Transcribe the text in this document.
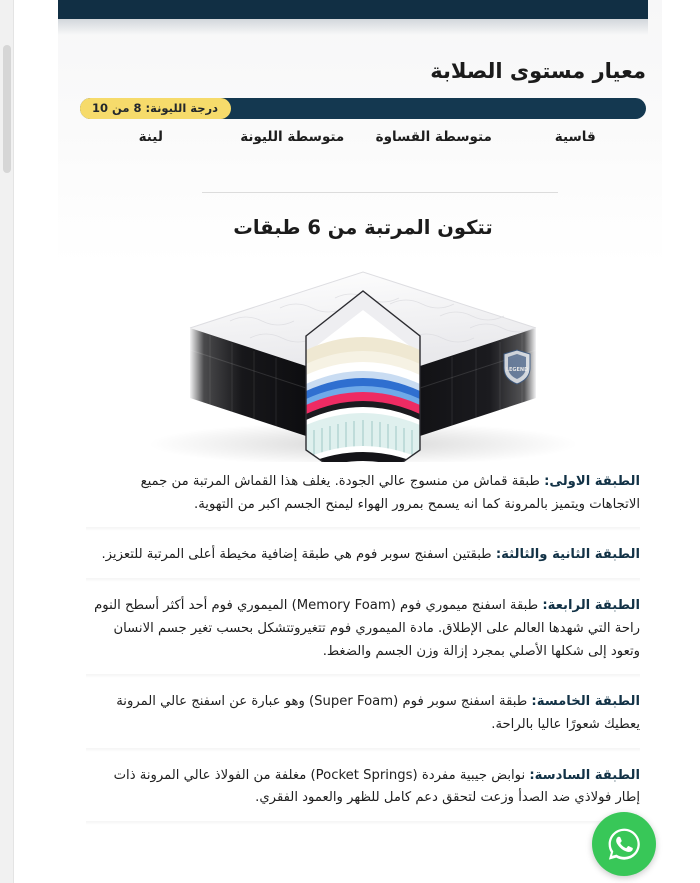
معيار مستوى الصلابة
درجة الليونة: 8 من 10
قاسية
متوسطة القساوة
متوسطة الليونة
لينة
تتكون المرتبة من 6 طبقات
LEGEND
الطبقة الاولى: طبقة قماش من منسوج عالي الجودة. يغلف هذا القماش المرتبة من جميع الاتجاهات ويتميز بالمرونة كما انه يسمح بمرور الهواء ليمنح الجسم اكبر من التهوية.
الطبقة الثانية والثالثة: طبقتين اسفنج سوبر فوم هي طبقة إضافية مخيطة أعلى المرتبة للتعزيز.
الطبقة الرابعة: طبقة اسفنج ميموري فوم (Memory Foam) الميموري فوم أحد أكثر أسطح النوم راحة التي شهدها العالم على الإطلاق. مادة الميموري فوم تتغيروتتشكل بحسب تغير جسم الانسان وتعود إلى شكلها الأصلي بمجرد إزالة وزن الجسم والضغط.
الطبقة الخامسة: طبقة اسفنج سوبر فوم (Super Foam) وهو عبارة عن اسفنج عالي المرونة يعطيك شعورًا عاليا بالراحة.
الطبقة السادسة: نوابض جيبية مفردة (Pocket Springs) مغلفة من الفولاذ عالي المرونة ذات إطار فولاذي ضد الصدأ وزعت لتحقق دعم كامل للظهر والعمود الفقري.
